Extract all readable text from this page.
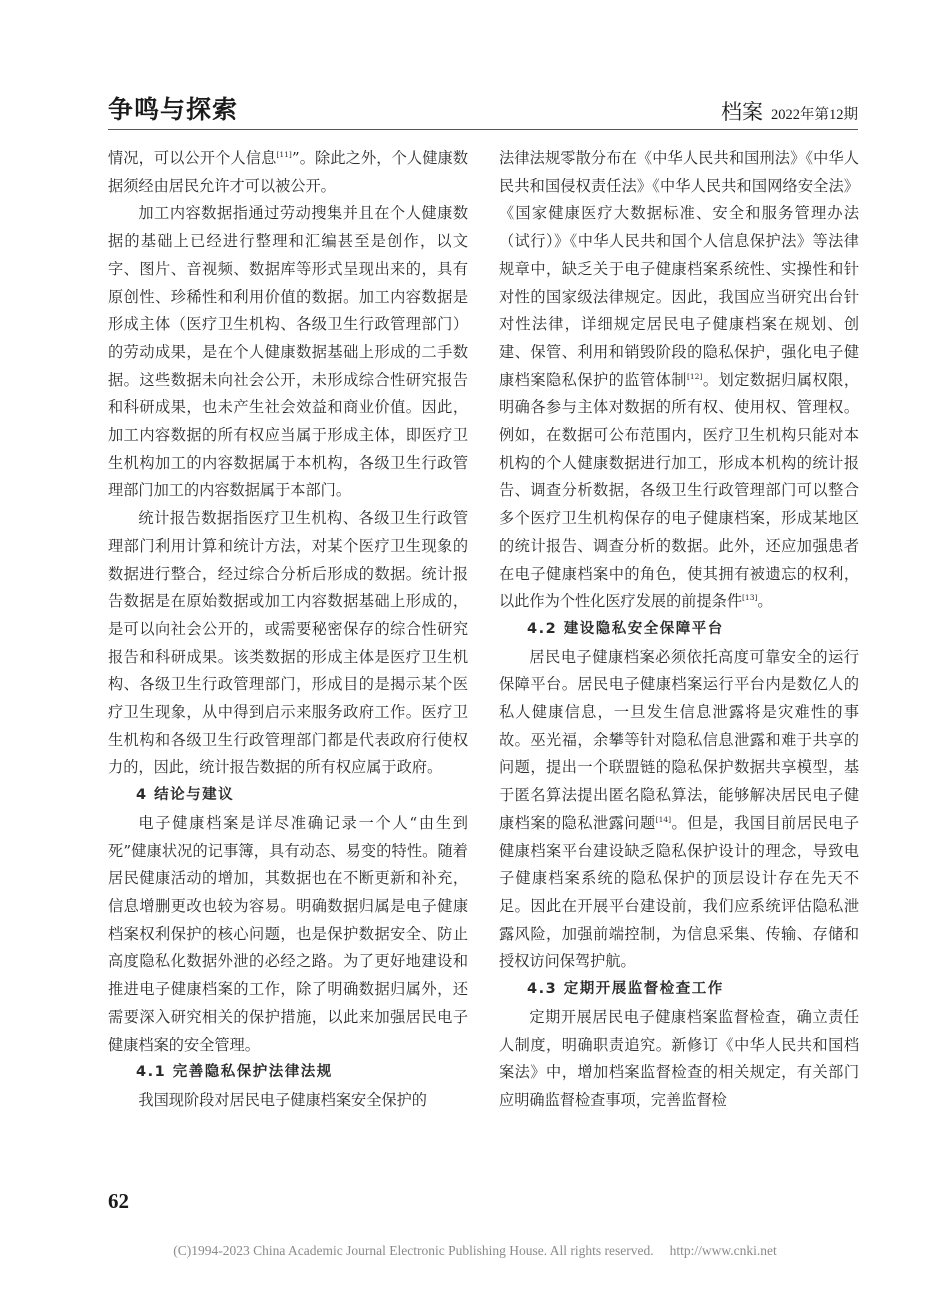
争鸣与探索	档案 2022年第12期

情况，可以公开个人信息[11]”。除此之外，个人健康数据须经由居民允许才可以被公开。

加工内容数据指通过劳动搜集并且在个人健康数据的基础上已经进行整理和汇编甚至是创作，以文字、图片、音视频、数据库等形式呈现出来的，具有原创性、珍稀性和利用价值的数据。加工内容数据是形成主体（医疗卫生机构、各级卫生行政管理部门）的劳动成果，是在个人健康数据基础上形成的二手数据。这些数据未向社会公开，未形成综合性研究报告和科研成果，也未产生社会效益和商业价值。因此，加工内容数据的所有权应当属于形成主体，即医疗卫生机构加工的内容数据属于本机构，各级卫生行政管理部门加工的内容数据属于本部门。

统计报告数据指医疗卫生机构、各级卫生行政管理部门利用计算和统计方法，对某个医疗卫生现象的数据进行整合，经过综合分析后形成的数据。统计报告数据是在原始数据或加工内容数据基础上形成的，是可以向社会公开的，或需要秘密保存的综合性研究报告和科研成果。该类数据的形成主体是医疗卫生机构、各级卫生行政管理部门，形成目的是揭示某个医疗卫生现象，从中得到启示来服务政府工作。医疗卫生机构和各级卫生行政管理部门都是代表政府行使权力的，因此，统计报告数据的所有权应属于政府。

4 结论与建议

电子健康档案是详尽准确记录一个人“由生到死”健康状况的记事簿，具有动态、易变的特性。随着居民健康活动的增加，其数据也在不断更新和补充，信息增删更改也较为容易。明确数据归属是电子健康档案权利保护的核心问题，也是保护数据安全、防止高度隐私化数据外泄的必经之路。为了更好地建设和推进电子健康档案的工作，除了明确数据归属外，还需要深入研究相关的保护措施，以此来加强居民电子健康档案的安全管理。

4.1 完善隐私保护法律法规

我国现阶段对居民电子健康档案安全保护的

法律法规零散分布在《中华人民共和国刑法》《中华人民共和国侵权责任法》《中华人民共和国网络安全法》《国家健康医疗大数据标准、安全和服务管理办法（试行）》《中华人民共和国个人信息保护法》等法律规章中，缺乏关于电子健康档案系统性、实操性和针对性的国家级法律规定。因此，我国应当研究出台针对性法律，详细规定居民电子健康档案在规划、创建、保管、利用和销毁阶段的隐私保护，强化电子健康档案隐私保护的监管体制[12]。划定数据归属权限，明确各参与主体对数据的所有权、使用权、管理权。例如，在数据可公布范围内，医疗卫生机构只能对本机构的个人健康数据进行加工，形成本机构的统计报告、调查分析数据，各级卫生行政管理部门可以整合多个医疗卫生机构保存的电子健康档案，形成某地区的统计报告、调查分析的数据。此外，还应加强患者在电子健康档案中的角色，使其拥有被遗忘的权利，以此作为个性化医疗发展的前提条件[13]。

4.2 建设隐私安全保障平台

居民电子健康档案必须依托高度可靠安全的运行保障平台。居民电子健康档案运行平台内是数亿人的私人健康信息，一旦发生信息泄露将是灾难性的事故。巫光福，余攀等针对隐私信息泄露和难于共享的问题，提出一个联盟链的隐私保护数据共享模型，基于匿名算法提出匿名隐私算法，能够解决居民电子健康档案的隐私泄露问题[14]。但是，我国目前居民电子健康档案平台建设缺乏隐私保护设计的理念，导致电子健康档案系统的隐私保护的顶层设计存在先天不足。因此在开展平台建设前，我们应系统评估隐私泄露风险，加强前端控制，为信息采集、传输、存储和授权访问保驾护航。

4.3 定期开展监督检查工作

定期开展居民电子健康档案监督检查，确立责任人制度，明确职责追究。新修订《中华人民共和国档案法》中，增加档案监督检查的相关规定，有关部门应明确监督检查事项，完善监督检

62
(C)1994-2023 China Academic Journal Electronic Publishing House. All rights reserved. http://www.cnki.net
